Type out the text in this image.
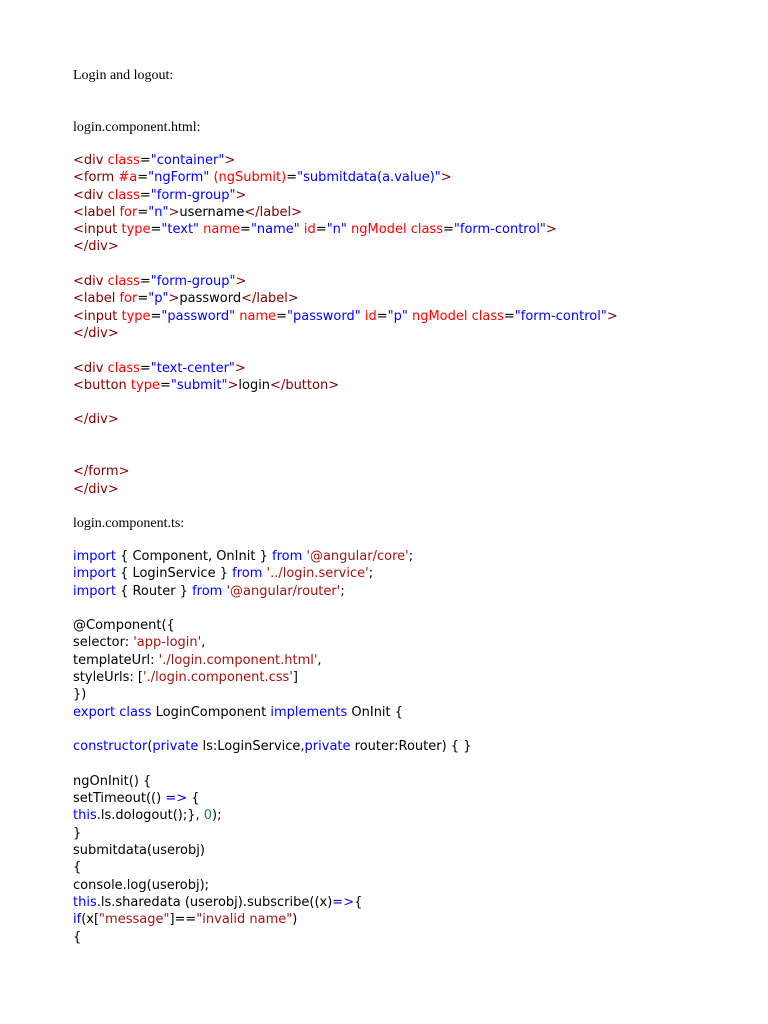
Login and logout:
login.component.html:
<div class="container">
<form #a="ngForm" (ngSubmit)="submitdata(a.value)">
<div class="form-group">
<label for="n">username</label>
<input type="text" name="name" id="n" ngModel class="form-control">
</div>
<div class="form-group">
<label for="p">password</label>
<input type="password" name="password" id="p" ngModel class="form-control">
</div>
<div class="text-center">
<button type="submit">login</button>
</div>
</form>
</div>
login.component.ts:
import { Component, OnInit } from '@angular/core';
import { LoginService } from '../login.service';
import { Router } from '@angular/router';
@Component({
selector: 'app-login',
templateUrl: './login.component.html',
styleUrls: ['./login.component.css']
})
export class LoginComponent implements OnInit {
constructor(private ls:LoginService,private router:Router) { }
ngOnInit() {
setTimeout(() => {
this.ls.dologout();}, 0);
}
submitdata(userobj)
{
console.log(userobj);
this.ls.sharedata (userobj).subscribe((x)=>{
if(x["message"]=="invalid name")
{
